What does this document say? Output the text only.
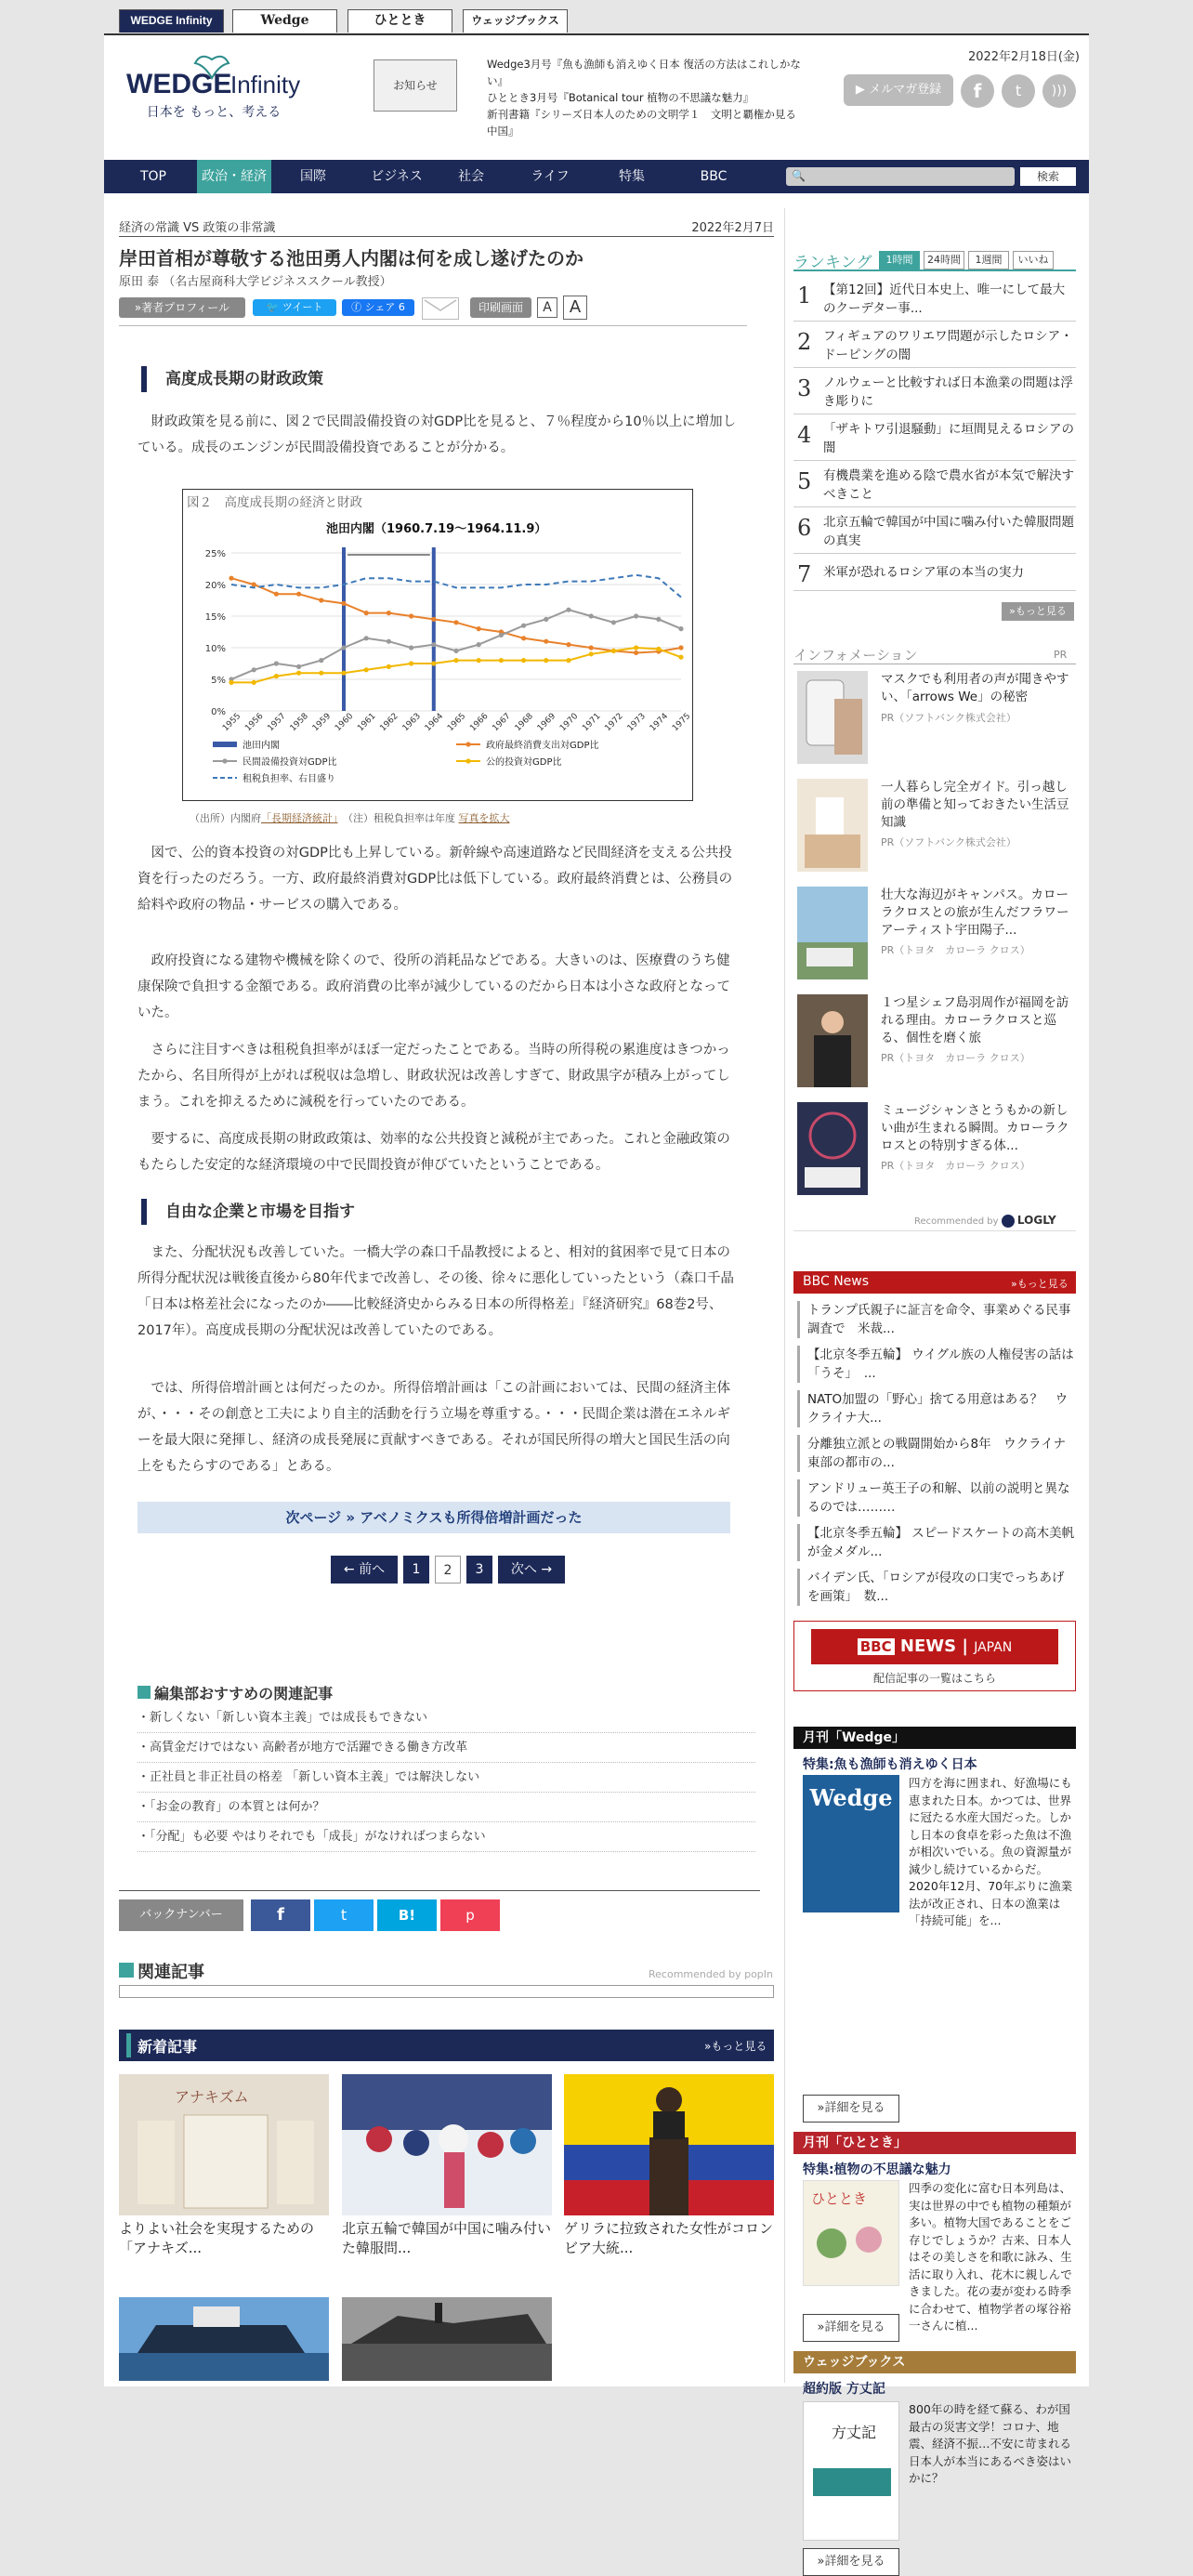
WEDGE Infinity	Wedge	ひととき	ウェッジブックス
WEDGE
Infinity
日本を もっと、考える
お知らせ
Wedge3月号『魚も漁師も消えゆく日本 復活の方法はこれしかない』
ひととき3月号『Botanical tour 植物の不思議な魅力』
新刊書籍『シリーズ日本人のための文明学１　文明と覇権か見る中国』
2022年2月18日(金)
▶ メルマガ登録	f	t	)))
TOP	政治・経済	国際	ビジネス	社会	ライフ	特集	BBC	🔍	検索
経済の常識 VS 政策の非常識	2022年2月7日
岸田首相が尊敬する池田勇人内閣は何を成し遂げたのか
原田 泰 （名古屋商科大学ビジネススクール教授）
»著者プロフィール	🐦 ツイート	ⓕ シェア 6	印刷画面	A	A
高度成長期の財政政策
財政政策を見る前に、図２で民間設備投資の対GDP比を見ると、７％程度から10％以上に増加している。成長のエンジンが民間設備投資であることが分かる。
図２　高度成長期の経済と財政
池田内閣（1960.7.19〜1964.11.9）
0%
5%
10%
15%
20%
25%
1955 1956 1957 1958 1959 1960 1961 1962 1963 1964 1965 1966 1967 1968 1969 1970 1971 1972 1973 1974 1975
池田内閣	政府最終消費支出対GDP比
民間設備投資対GDP比	公的投資対GDP比
租税負担率、右目盛り
（出所）内閣府「長期経済統計」　 （注）租税負担率は年度 写真を拡大
図で、公的資本投資の対GDP比も上昇している。新幹線や高速道路など民間経済を支える公共投資を行ったのだろう。一方、政府最終消費対GDP比は低下している。政府最終消費とは、公務員の給料や政府の物品・サービスの購入である。
政府投資になる建物や機械を除くので、役所の消耗品などである。大きいのは、医療費のうち健康保険で負担する金額である。政府消費の比率が減少しているのだから日本は小さな政府となっていた。
さらに注目すべきは租税負担率がほぼ一定だったことである。当時の所得税の累進度はきつかったから、名目所得が上がれば税収は急増し、財政状況は改善しすぎて、財政黒字が積み上がってしまう。これを抑えるために減税を行っていたのである。
要するに、高度成長期の財政政策は、効率的な公共投資と減税が主であった。これと金融政策のもたらした安定的な経済環境の中で民間投資が伸びていたということである。
自由な企業と市場を目指す
また、分配状況も改善していた。一橋大学の森口千晶教授によると、相対的貧困率で見て日本の所得分配状況は戦後直後から80年代まで改善し、その後、徐々に悪化していったという（森口千晶「日本は格差社会になったのか――比較経済史からみる日本の所得格差」『経済研究』68巻2号、2017年）。高度成長期の分配状況は改善していたのである。
では、所得倍増計画とは何だったのか。所得倍増計画は「この計画においては、民間の経済主体が、・・・その創意と工夫により自主的活動を行う立場を尊重する。・・・民間企業は潜在エネルギーを最大限に発揮し、経済の成長発展に貢献すべきである。それが国民所得の増大と国民生活の向上をもたらすのである」とある。
次ページ » アベノミクスも所得倍増計画だった
← 前へ	1	2	3	次へ →
編集部おすすめの関連記事
・新しくない「新しい資本主義」では成長もできない
・高賃金だけではない 高齢者が地方で活躍できる働き方改革
・正社員と非正社員の格差 「新しい資本主義」では解決しない
・「お金の教育」の本質とは何か？
・「分配」も必要 やはりそれでも「成長」がなければつまらない
バックナンバー	f	t	B!	p
関連記事	Recommended by popIn
新着記事	»もっと見る
アナキズム
よりよい社会を実現するための「アナキズ...
北京五輪で韓国が中国に噛み付いた韓服問...
ゲリラに拉致された女性がコロンビア大統...
ランキング	1時間	24時間	1週間	いいね
1 【第12回】近代日本史上、唯一にして最大のクーデター事...
2 フィギュアのワリエワ問題が示したロシア・ドーピングの闇
3 ノルウェーと比較すれば日本漁業の問題は浮き彫りに
4 「ザキトワ引退騒動」に垣間見えるロシアの闇
5 有機農業を進める陰で農水省が本気で解決すべきこと
6 北京五輪で韓国が中国に噛み付いた韓服問題の真実
7 米軍が恐れるロシア軍の本当の実力
»もっと見る
インフォメーション	PR
マスクでも利用者の声が聞きやすい、「arrows We」の秘密
PR（ソフトバンク株式会社）
一人暮らし完全ガイド。引っ越し前の準備と知っておきたい生活豆知識
PR（ソフトバンク株式会社）
壮大な海辺がキャンパス。カローラクロスとの旅が生んだフラワーアーティスト宇田陽子...
PR（トヨタ　カローラ クロス）
１つ星シェフ島羽周作が福岡を訪れる理由。カローラクロスと巡る、個性を磨く旅
PR（トヨタ　カローラ クロス）
ミュージシャンさとうもかの新しい曲が生まれる瞬間。カローラクロスとの特別すぎる体...
PR（トヨタ　カローラ クロス）
Recommended by LOGLY
BBC News	»もっと見る
トランプ氏親子に証言を命令、事業めぐる民事調査で　米裁...
【北京冬季五輪】 ウイグル族の人権侵害の話は「うそ」　...
NATO加盟の「野心」捨てる用意はある？　ウクライナ大...
分離独立派との戦闘開始から8年　ウクライナ東部の都市の...
アンドリュー英王子の和解、以前の説明と異なるのでは………
【北京冬季五輪】 スピードスケートの高木美帆が金メダル...
バイデン氏、「ロシアが侵攻の口実でっちあげを画策」　数...
BBC NEWS | JAPAN
配信記事の一覧はこちら
月刊「Wedge」
特集:魚も漁師も消えゆく日本
Wedge
四方を海に囲まれ、好漁場にも恵まれた日本。かつては、世界に冠たる水産大国だった。しかし日本の食卓を彩った魚は不漁が相次いでいる。魚の資源量が減少し続けているからだ。2020年12月、70年ぶりに漁業法が改正され、日本の漁業は「持続可能」を...
»詳細を見る
月刊「ひととき」
特集:植物の不思議な魅力
ひととき
四季の変化に富む日本列島は、実は世界の中でも植物の種類が多い。植物大国であることをご存じでしょうか？古来、日本人はその美しさを和歌に詠み、生活に取り入れ、花木に親しんできました。花の妻が変わる時季に合わせて、植物学者の塚谷裕一さんに植...
»詳細を見る
ウェッジブックス
超約版 方丈記
方丈記
800年の時を経て蘇る、わが国最古の災害文学！コロナ、地震、経済不振…不安に苛まれる日本人が本当にあるべき姿はいかに？
»詳細を見る
